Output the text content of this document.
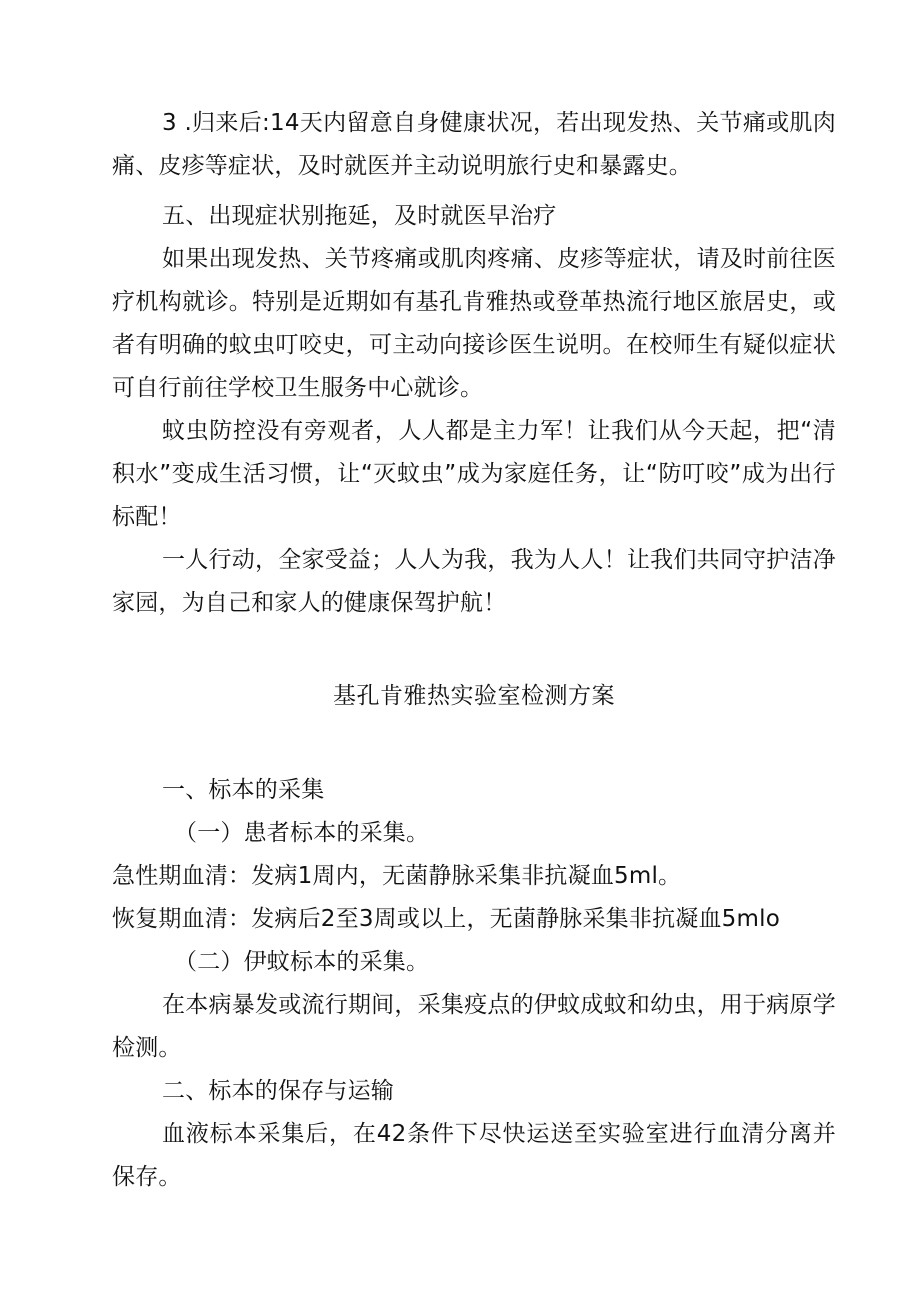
3 .归来后:14天内留意自身健康状况，若出现发热、关节痛或肌肉痛、皮疹等症状，及时就医并主动说明旅行史和暴露史。

五、出现症状别拖延，及时就医早治疗

如果出现发热、关节疼痛或肌肉疼痛、皮疹等症状，请及时前往医疗机构就诊。特别是近期如有基孔肯雅热或登革热流行地区旅居史，或者有明确的蚊虫叮咬史，可主动向接诊医生说明。在校师生有疑似症状可自行前往学校卫生服务中心就诊。

蚊虫防控没有旁观者，人人都是主力军！让我们从今天起，把“清积水”变成生活习惯，让“灭蚊虫”成为家庭任务，让“防叮咬”成为出行标配！

一人行动，全家受益；人人为我，我为人人！让我们共同守护洁净家园，为自己和家人的健康保驾护航！

基孔肯雅热实验室检测方案

一、标本的采集

（一）患者标本的采集。

急性期血清：发病1周内，无菌静脉采集非抗凝血5ml。

恢复期血清：发病后2至3周或以上，无菌静脉采集非抗凝血5mlo

（二）伊蚊标本的采集。

在本病暴发或流行期间，采集疫点的伊蚊成蚊和幼虫，用于病原学检测。

二、标本的保存与运输

血液标本采集后，在42条件下尽快运送至实验室进行血清分离并保存。
